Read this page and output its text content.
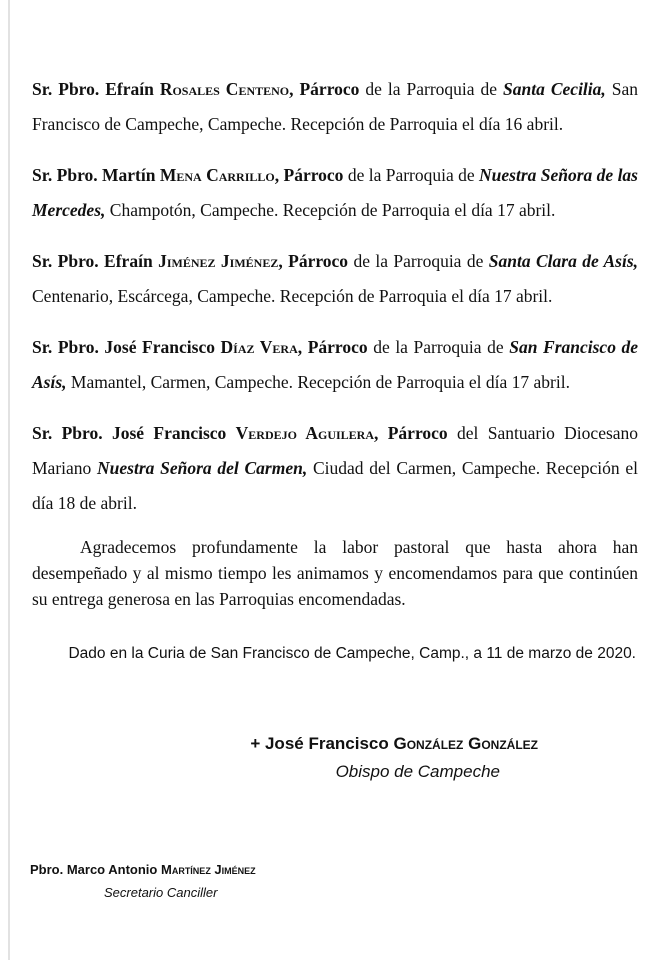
Sr. Pbro. Efraín Rosales Centeno, Párroco de la Parroquia de Santa Cecilia, San Francisco de Campeche, Campeche. Recepción de Parroquia el día 16 abril.

Sr. Pbro. Martín Mena Carrillo, Párroco de la Parroquia de Nuestra Señora de las Mercedes, Champotón, Campeche. Recepción de Parroquia el día 17 abril.

Sr. Pbro. Efraín Jiménez Jiménez, Párroco de la Parroquia de Santa Clara de Asís, Centenario, Escárcega, Campeche. Recepción de Parroquia el día 17 abril.

Sr. Pbro. José Francisco Díaz Vera, Párroco de la Parroquia de San Francisco de Asís, Mamantel, Carmen, Campeche. Recepción de Parroquia el día 17 abril.

Sr. Pbro. José Francisco Verdejo Aguilera, Párroco del Santuario Diocesano Mariano Nuestra Señora del Carmen, Ciudad del Carmen, Campeche. Recepción el día 18 de abril.

Agradecemos profundamente la labor pastoral que hasta ahora han desempeñado y al mismo tiempo les animamos y encomendamos para que continúen su entrega generosa en las Parroquias encomendadas.

Dado en la Curia de San Francisco de Campeche, Camp., a 11 de marzo de 2020.

+ José Francisco González González
Obispo de Campeche
Pbro. Marco Antonio Martínez Jiménez
Secretario Canciller
